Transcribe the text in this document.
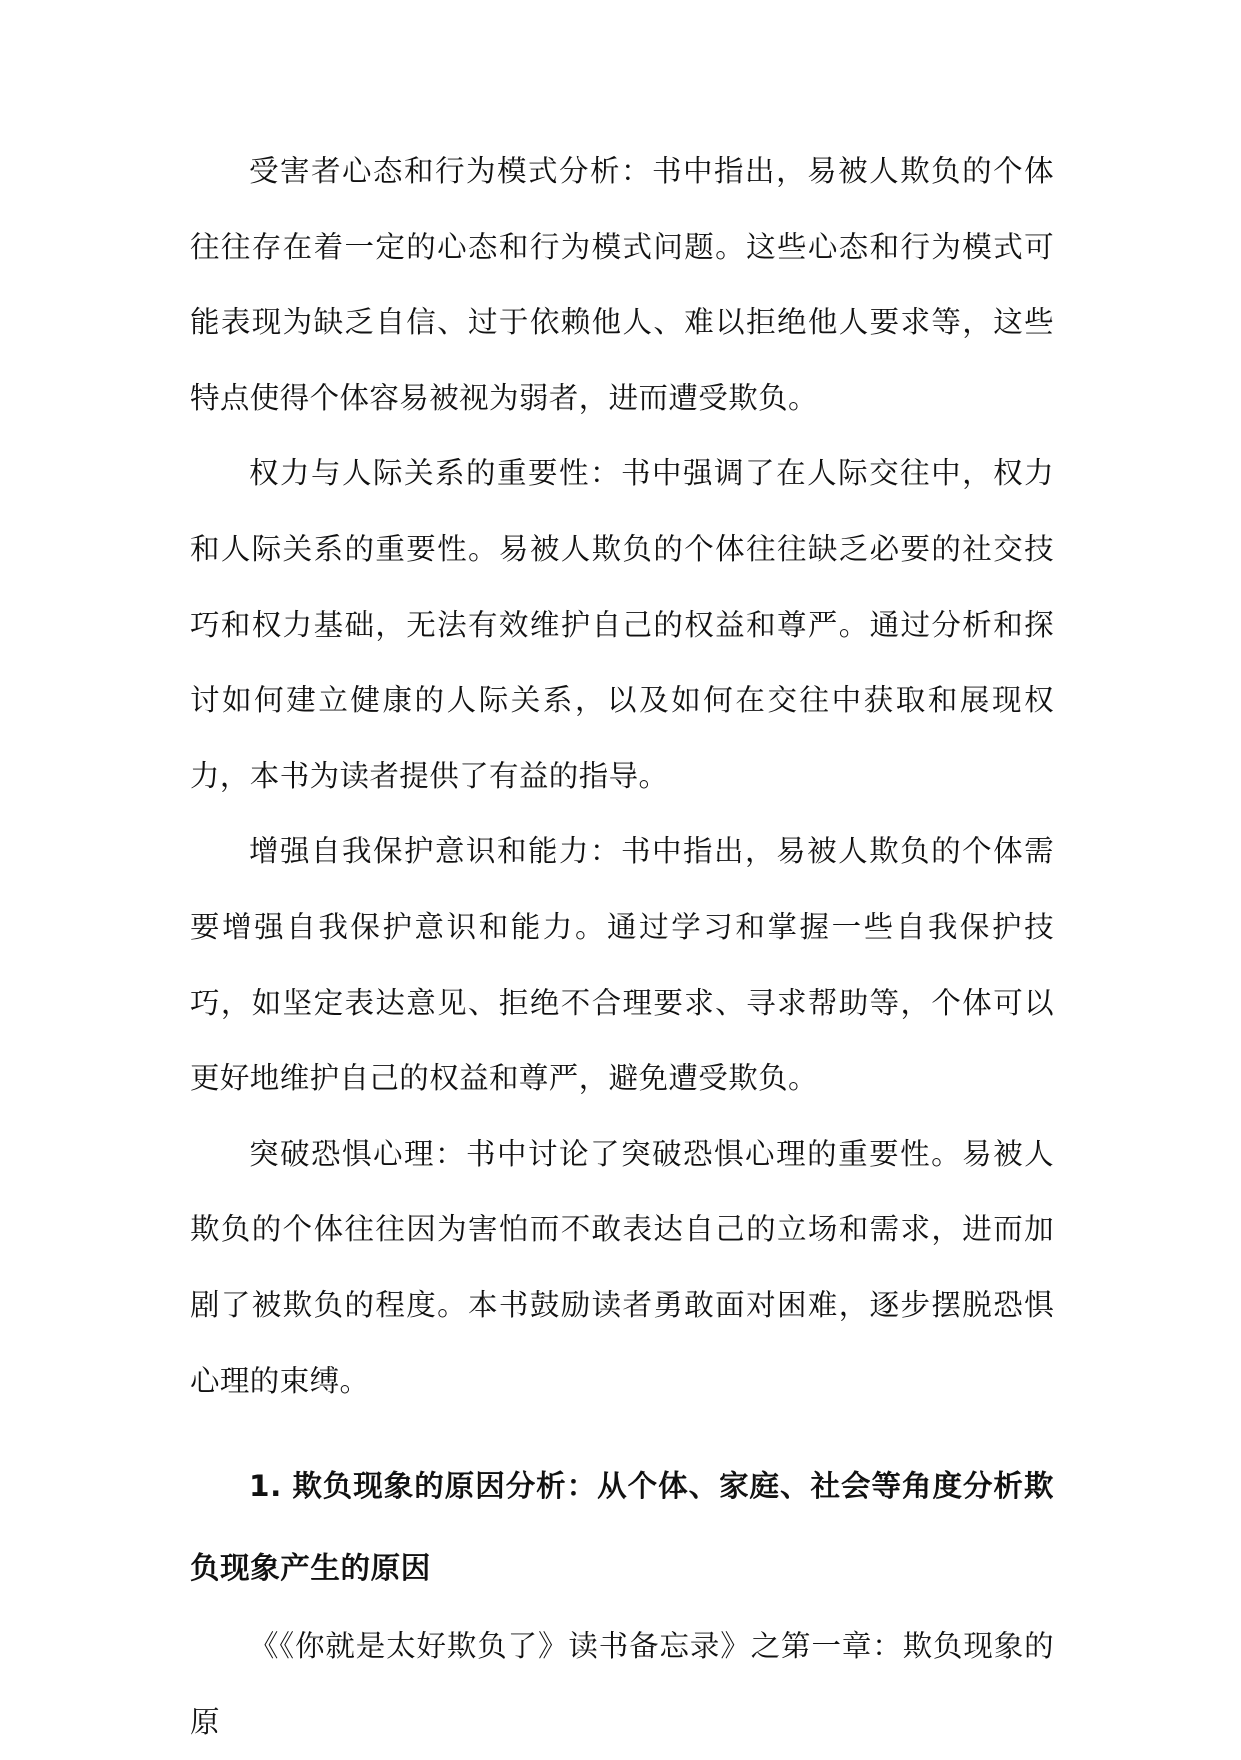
受害者心态和行为模式分析：书中指出，易被人欺负的个体往往存在着一定的心态和行为模式问题。这些心态和行为模式可能表现为缺乏自信、过于依赖他人、难以拒绝他人要求等，这些特点使得个体容易被视为弱者，进而遭受欺负。

权力与人际关系的重要性：书中强调了在人际交往中，权力和人际关系的重要性。易被人欺负的个体往往缺乏必要的社交技巧和权力基础，无法有效维护自己的权益和尊严。通过分析和探讨如何建立健康的人际关系，以及如何在交往中获取和展现权力，本书为读者提供了有益的指导。

增强自我保护意识和能力：书中指出，易被人欺负的个体需要增强自我保护意识和能力。通过学习和掌握一些自我保护技巧，如坚定表达意见、拒绝不合理要求、寻求帮助等，个体可以更好地维护自己的权益和尊严，避免遭受欺负。

突破恐惧心理：书中讨论了突破恐惧心理的重要性。易被人欺负的个体往往因为害怕而不敢表达自己的立场和需求，进而加剧了被欺负的程度。本书鼓励读者勇敢面对困难，逐步摆脱恐惧心理的束缚。

1. 欺负现象的原因分析：从个体、家庭、社会等角度分析欺负现象产生的原因

《《你就是太好欺负了》读书备忘录》之第一章：欺负现象的原
